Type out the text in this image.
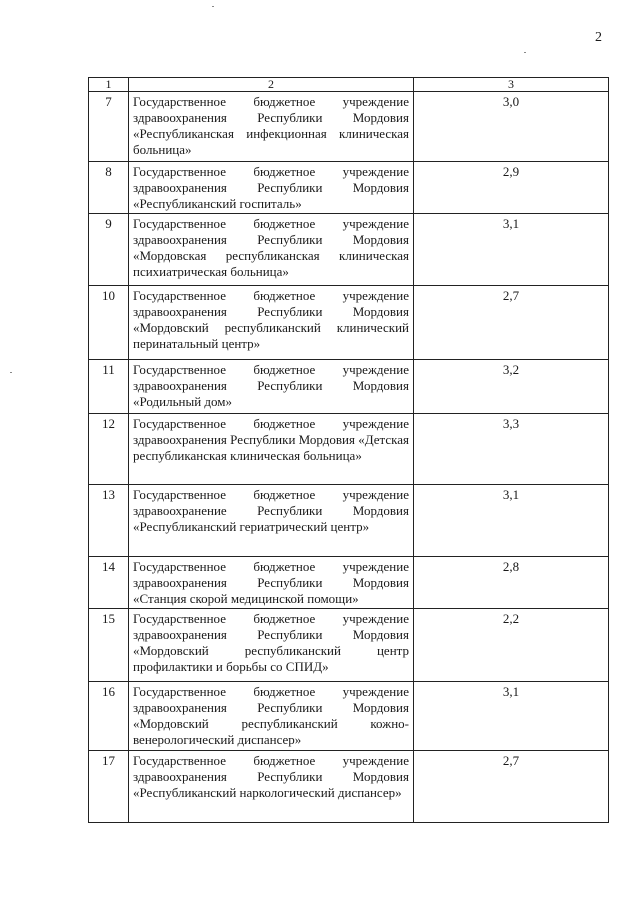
2
1	2	3
7	Государственное бюджетное учреждение здравоохранения Республики Мордовия «Республиканская инфекционная клиническая больница»	3,0
8	Государственное бюджетное учреждение здравоохранения Республики Мордовия «Республиканский госпиталь»	2,9
9	Государственное бюджетное учреждение здравоохранения Республики Мордовия «Мордовская республиканская клиническая психиатрическая больница»	3,1
10	Государственное бюджетное учреждение здравоохранения Республики Мордовия «Мордовский республиканский клинический перинатальный центр»	2,7
11	Государственное бюджетное учреждение здравоохранения Республики Мордовия «Родильный дом»	3,2
12	Государственное бюджетное учреждение здравоохранения Республики Мордовия «Детская республиканская клиническая больница»	3,3
13	Государственное бюджетное учреждение здравоохранение Республики Мордовия «Республиканский гериатрический центр»	3,1
14	Государственное бюджетное учреждение здравоохранения Республики Мордовия «Станция скорой медицинской помощи»	2,8
15	Государственное бюджетное учреждение здравоохранения Республики Мордовия «Мордовский республиканский центр профилактики и борьбы со СПИД»	2,2
16	Государственное бюджетное учреждение здравоохранения Республики Мордовия «Мордовский республиканский кожно-венерологический диспансер»	3,1
17	Государственное бюджетное учреждение здравоохранения Республики Мордовия «Республиканский наркологический диспансер»	2,7
